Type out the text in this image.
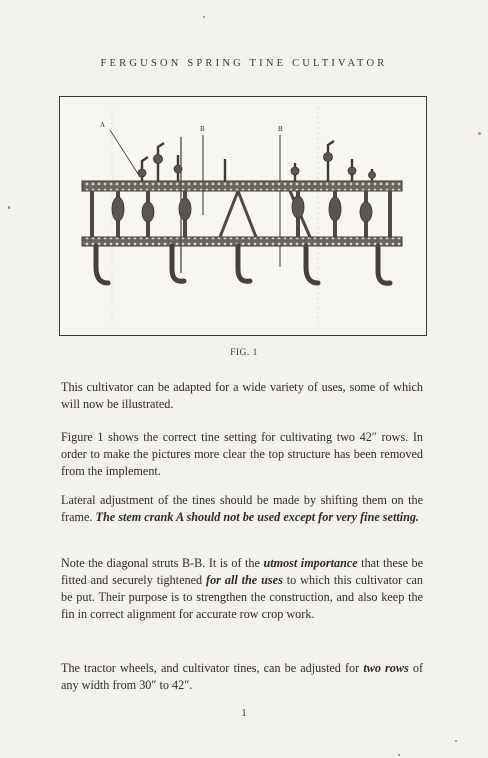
FERGUSON SPRING TINE CULTIVATOR
A	B	B
FIG. 1

This cultivator can be adapted for a wide variety of uses, some of which will now be illustrated.

Figure 1 shows the correct tine setting for cultivating two 42″ rows. In order to make the pictures more clear the top structure has been removed from the implement.

Lateral adjustment of the tines should be made by shifting them on the frame. The stem crank A should not be used except for very fine setting.

Note the diagonal struts B-B. It is of the utmost importance that these be fitted and securely tightened for all the uses to which this cultivator can be put. Their purpose is to strengthen the construction, and also keep the fin in correct alignment for accurate row crop work.

The tractor wheels, and cultivator tines, can be adjusted for two rows of any width from 30″ to 42″.

1
